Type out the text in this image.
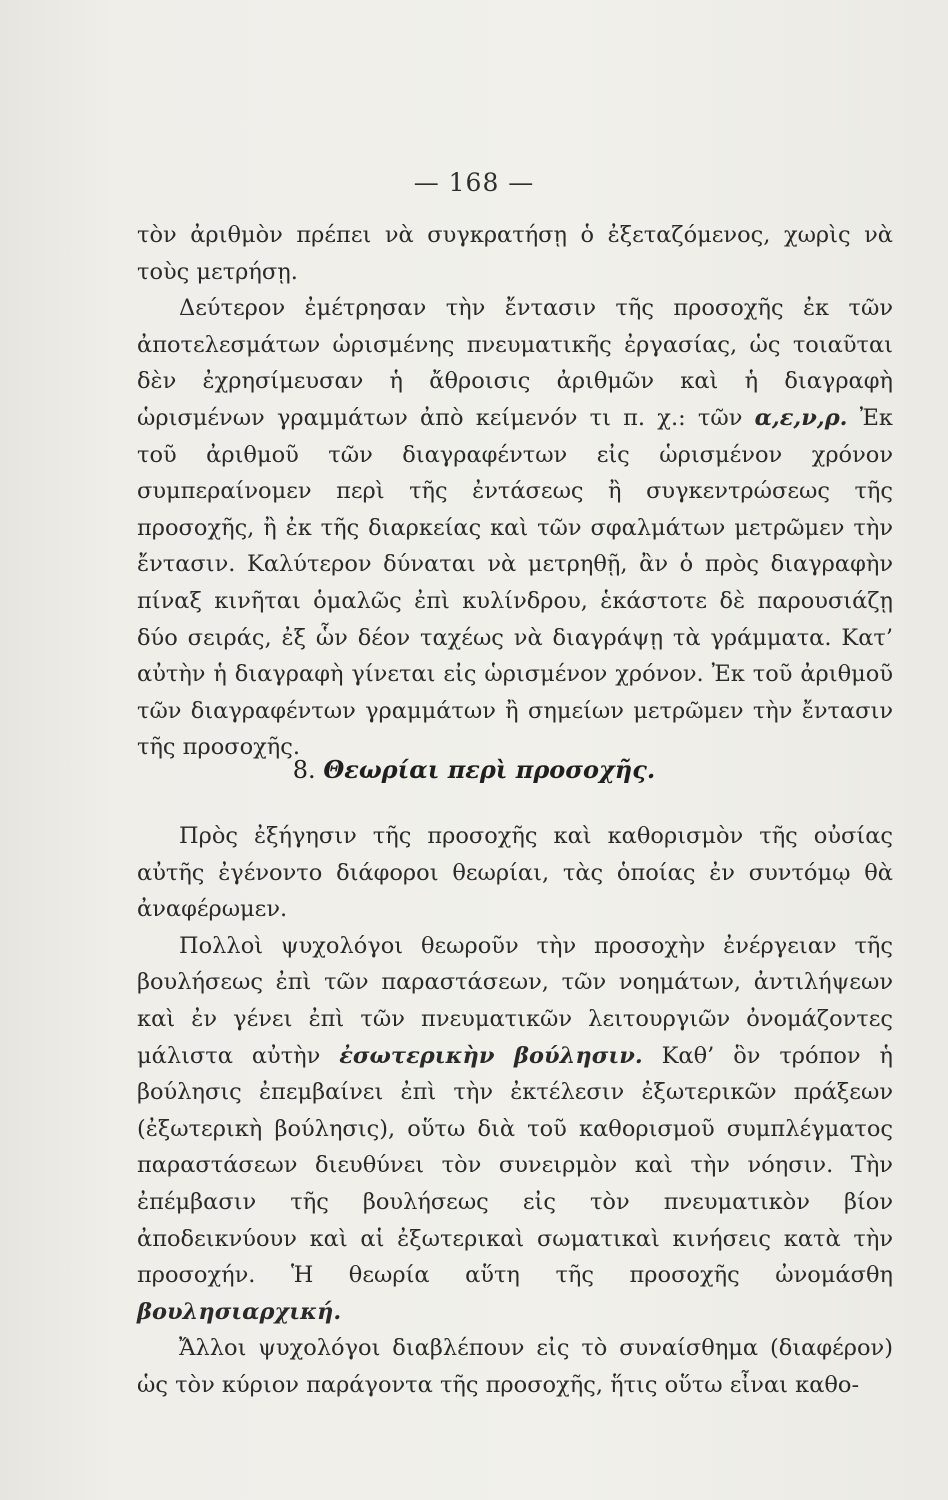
— 168 —

τὸν ἀριθμὸν πρέπει νὰ συγκρατήσῃ ὁ ἐξεταζόμενος, χωρὶς νὰ τοὺς μετρήσῃ.

Δεύτερον ἐμέτρησαν τὴν ἔντασιν τῆς προσοχῆς ἐκ τῶν ἀποτελεσμάτων ὡρισμένης πνευματικῆς ἐργασίας, ὡς τοιαῦται δὲν ἐχρησίμευσαν ἡ ἄθροισις ἀριθμῶν καὶ ἡ διαγραφὴ ὡρισμένων γραμμάτων ἀπὸ κείμενόν τι π. χ.: τῶν α,ε,ν,ρ. Ἐκ τοῦ ἀριθμοῦ τῶν διαγραφέντων εἰς ὡρισμένον χρόνον συμπεραίνομεν περὶ τῆς ἐντάσεως ἢ συγκεντρώσεως τῆς προσοχῆς, ἢ ἐκ τῆς διαρκείας καὶ τῶν σφαλμάτων μετρῶμεν τὴν ἔντασιν. Καλύτερον δύναται νὰ μετρηθῇ, ἂν ὁ πρὸς διαγραφὴν πίναξ κινῆται ὁμαλῶς ἐπὶ κυλίνδρου, ἑκάστοτε δὲ παρουσιάζῃ δύο σειράς, ἐξ ὧν δέον ταχέως νὰ διαγράψῃ τὰ γράμματα. Κατ’ αὐτὴν ἡ διαγραφὴ γίνεται εἰς ὡρισμένον χρόνον. Ἐκ τοῦ ἀριθμοῦ τῶν διαγραφέντων γραμμάτων ἢ σημείων μετρῶμεν τὴν ἔντασιν τῆς προσοχῆς.

8. Θεωρίαι περὶ προσοχῆς.

Πρὸς ἐξήγησιν τῆς προσοχῆς καὶ καθορισμὸν τῆς οὐσίας αὐτῆς ἐγένοντο διάφοροι θεωρίαι, τὰς ὁποίας ἐν συντόμῳ θὰ ἀναφέρωμεν.

Πολλοὶ ψυχολόγοι θεωροῦν τὴν προσοχὴν ἐνέργειαν τῆς βουλήσεως ἐπὶ τῶν παραστάσεων, τῶν νοημάτων, ἀντιλήψεων καὶ ἐν γένει ἐπὶ τῶν πνευματικῶν λειτουργιῶν ὀνομάζοντες μάλιστα αὐτὴν ἐσωτερικὴν βούλησιν. Καθ’ ὃν τρόπον ἡ βούλησις ἐπεμβαίνει ἐπὶ τὴν ἐκτέλεσιν ἐξωτερικῶν πράξεων (ἐξωτερικὴ βούλησις), οὕτω διὰ τοῦ καθορισμοῦ συμπλέγματος παραστάσεων διευθύνει τὸν συνειρμὸν καὶ τὴν νόησιν. Τὴν ἐπέμβασιν τῆς βουλήσεως εἰς τὸν πνευματικὸν βίον ἀποδεικνύουν καὶ αἱ ἐξωτερικαὶ σωματικαὶ κινήσεις κατὰ τὴν προσοχήν. Ἡ θεωρία αὕτη τῆς προσοχῆς ὠνομάσθη βουλησιαρχική.

Ἄλλοι ψυχολόγοι διαβλέπουν εἰς τὸ συναίσθημα (διαφέρον) ὡς τὸν κύριον παράγοντα τῆς προσοχῆς, ἥτις οὕτω εἶναι καθο-
